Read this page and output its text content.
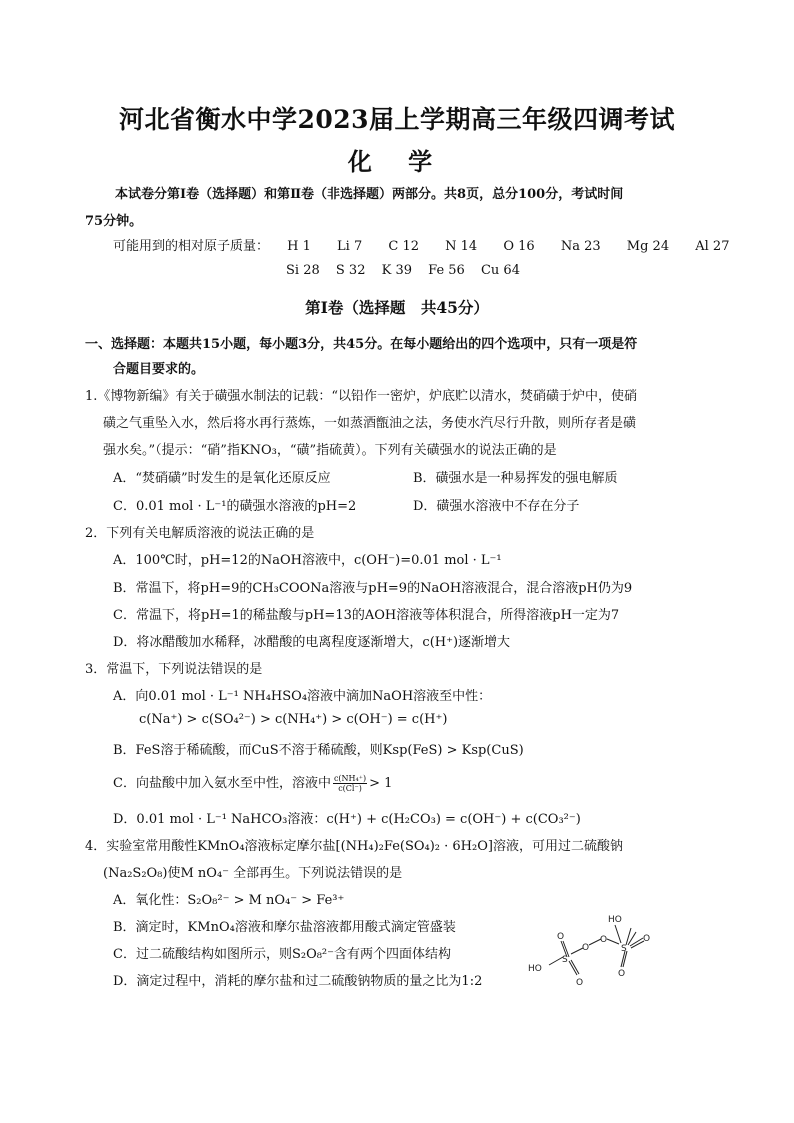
河北省衡水中学2023届上学期高三年级四调考试
化 学
本试卷分第Ⅰ卷（选择题）和第Ⅱ卷（非选择题）两部分。共8页，总分100分，考试时间
75分钟。
可能用到的相对原子质量： H 1 Li 7 C 12 N 14 O 16 Na 23 Mg 24 Al 27
Si 28 S 32 K 39 Fe 56 Cu 64
第Ⅰ卷（选择题　共45分）
一、选择题：本题共15小题，每小题3分，共45分。在每小题给出的四个选项中，只有一项是符
合题目要求的。
1.《博物新编》有关于磺强水制法的记载：“以铅作一密炉，炉底贮以清水，焚硝磺于炉中，使硝
磺之气重坠入水，然后将水再行蒸炼，一如蒸酒甑油之法，务使水汽尽行升散，则所存者是磺
强水矣。”（提示：“硝”指KNO₃，“磺”指硫黄）。下列有关磺强水的说法正确的是
A．“焚硝磺”时发生的是氧化还原反应	B．磺强水是一种易挥发的强电解质
C．0.01 mol · L⁻¹的磺强水溶液的pH=2	D．磺强水溶液中不存在分子
2．下列有关电解质溶液的说法正确的是
A．100℃时，pH=12的NaOH溶液中，c(OH⁻)=0.01 mol · L⁻¹
B．常温下，将pH=9的CH₃COONa溶液与pH=9的NaOH溶液混合，混合溶液pH仍为9
C．常温下，将pH=1的稀盐酸与pH=13的AOH溶液等体积混合，所得溶液pH一定为7
D．将冰醋酸加水稀释，冰醋酸的电离程度逐渐增大，c(H⁺)逐渐增大
3．常温下，下列说法错误的是
A．向0.01 mol · L⁻¹ NH₄HSO₄溶液中滴加NaOH溶液至中性：
c(Na⁺) > c(SO₄²⁻) > c(NH₄⁺) > c(OH⁻) = c(H⁺)
B．FeS溶于稀硫酸，而CuS不溶于稀硫酸，则Ksp(FeS) > Ksp(CuS)
C．向盐酸中加入氨水至中性，溶液中 $\frac{\text{c(NH₄⁺)}}{c(Cl^-)} > 1$
D．0.01 mol · L⁻¹ NaHCO₃溶液：c(H⁺) + c(H₂CO₃) = c(OH⁻) + c(CO₃²⁻)
4．实验室常用酸性KMnO₄溶液标定摩尔盐[(NH₄)₂Fe(SO₄)₂ · 6H₂O]溶液，可用过二硫酸钠
(Na₂S₂O₈)使M nO₄⁻ 全部再生。下列说法错误的是
A．氧化性：S₂O₈²⁻ > M nO₄⁻ > Fe³⁺
B．滴定时，KMnO₄溶液和摩尔盐溶液都用酸式滴定管盛装
C．过二硫酸结构如图所示，则S₂O₈²⁻含有两个四面体结构
D．滴定过程中，消耗的摩尔盐和过二硫酸钠物质的量之比为1:2
HO
S
O
O
O
O
S
HO
O
O
